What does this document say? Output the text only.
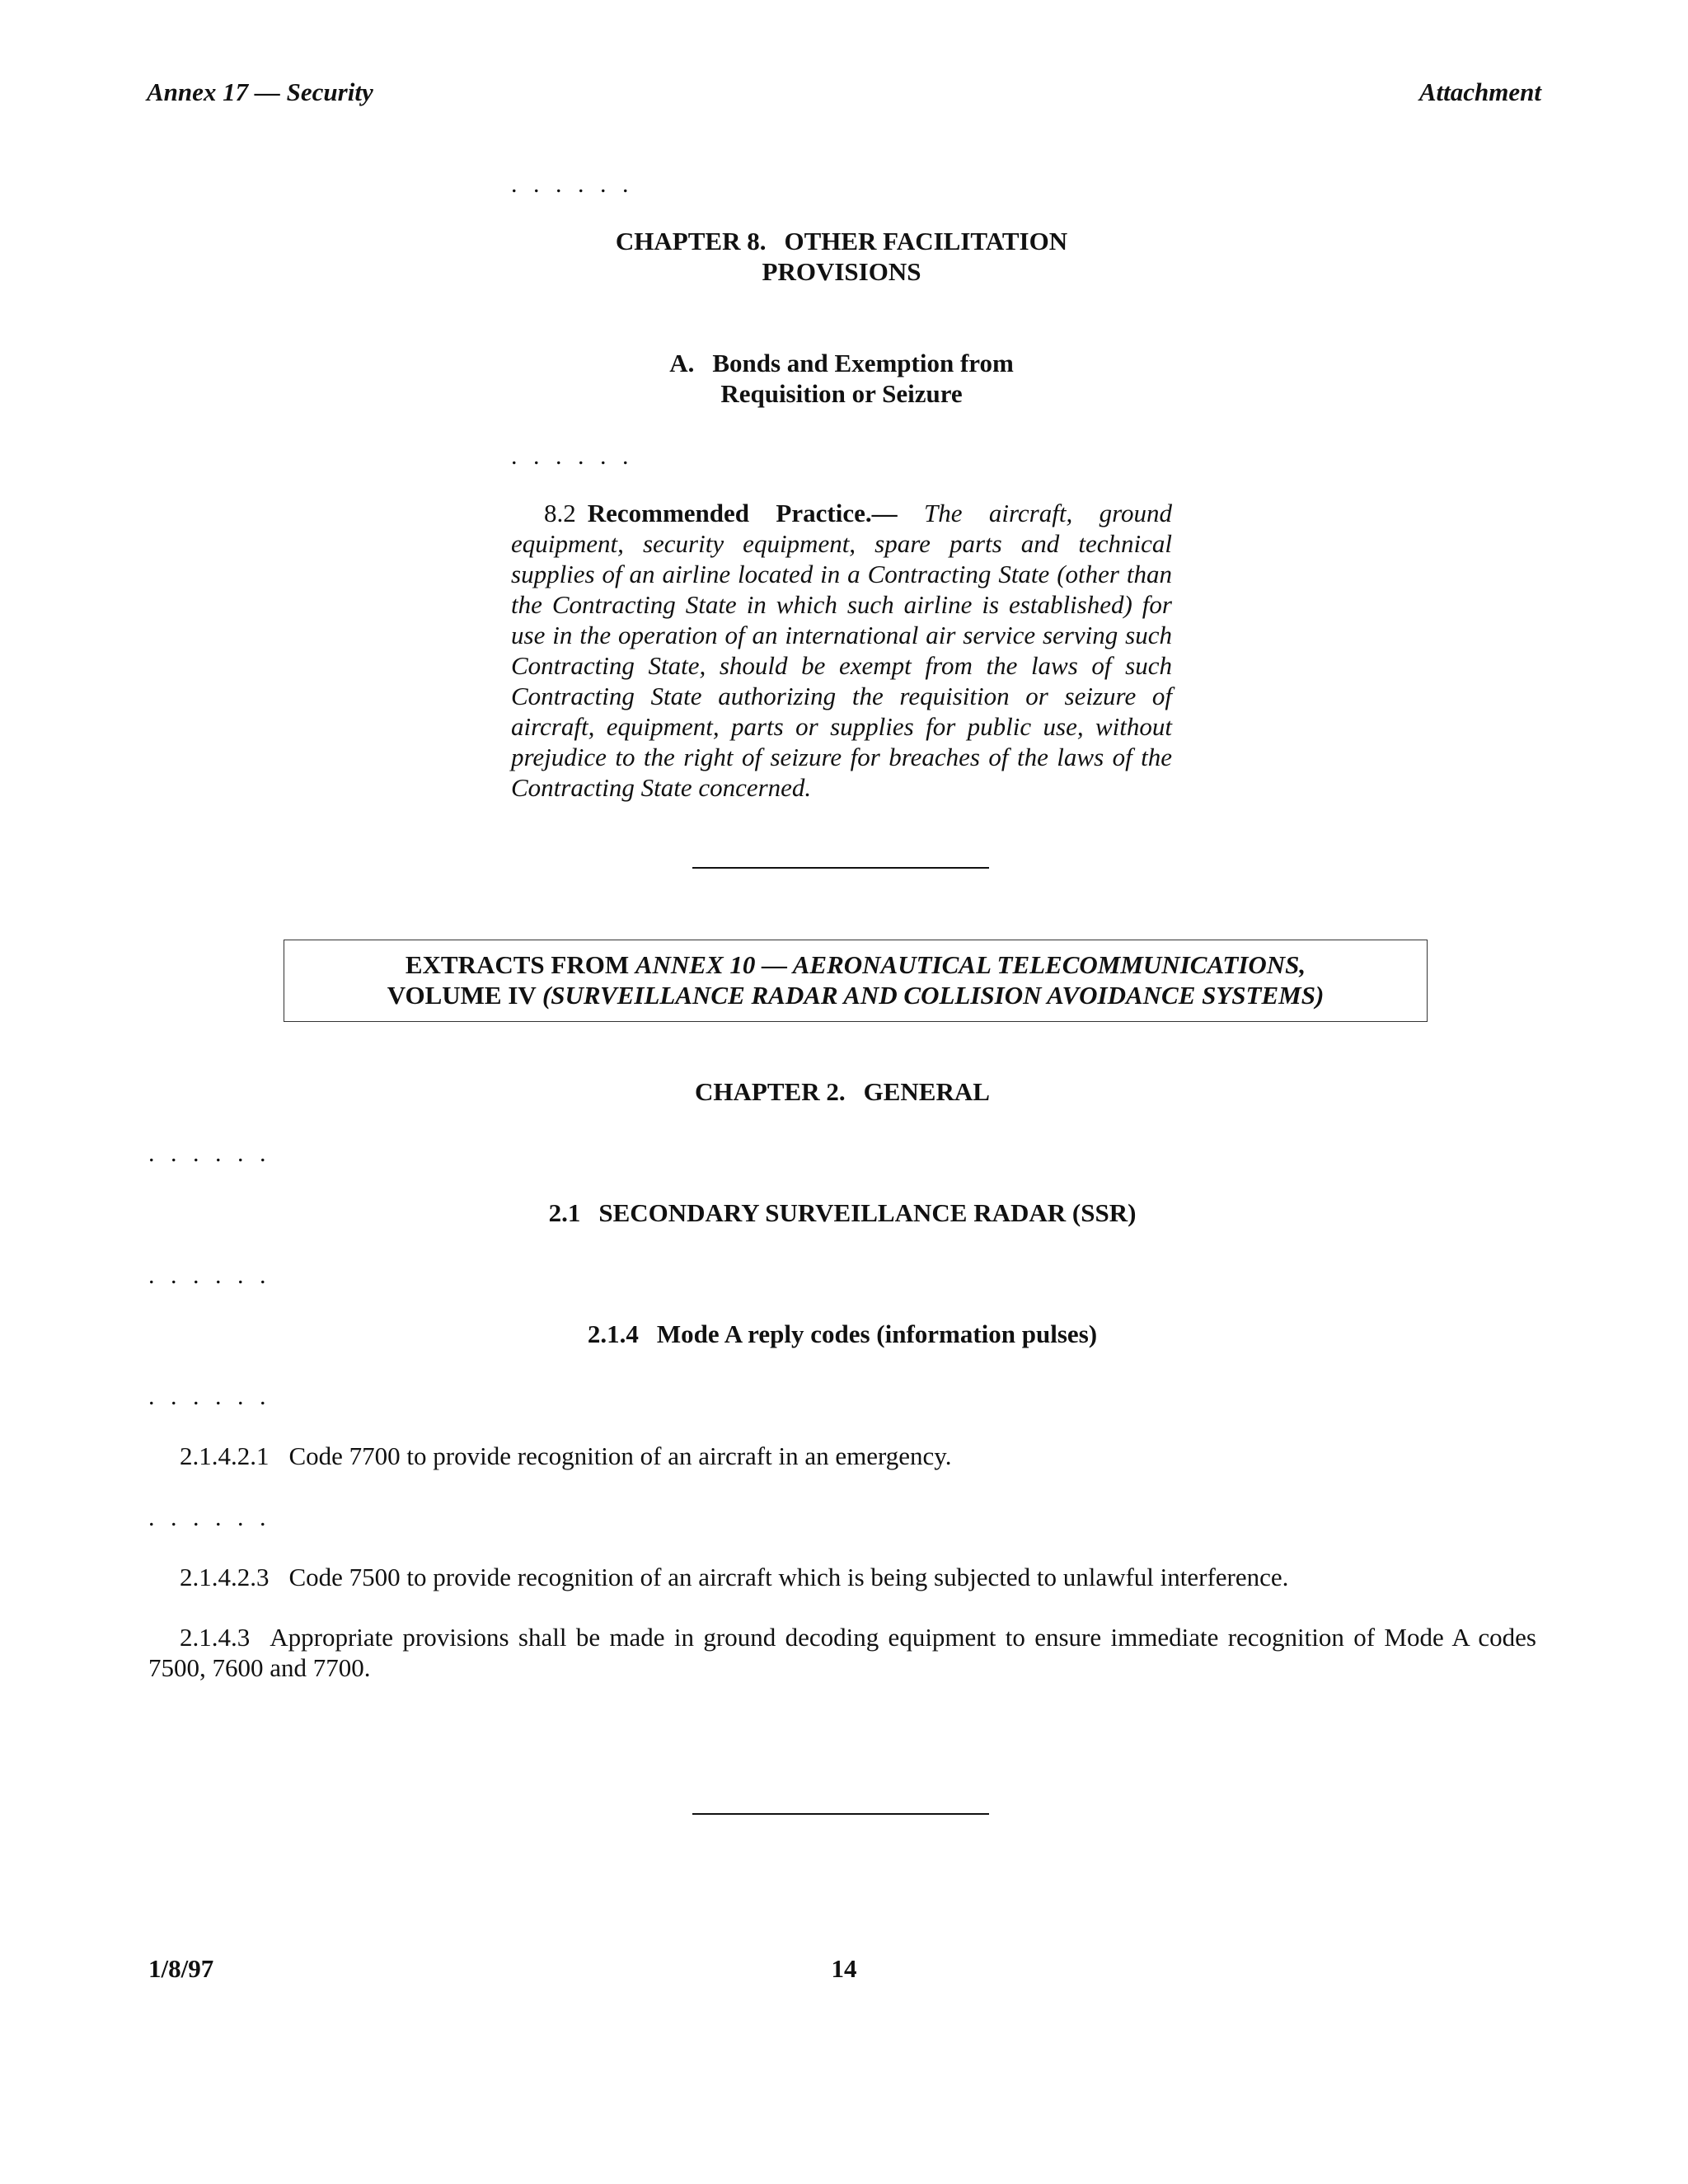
Annex 17 — Security	Attachment
. . . . . .
CHAPTER 8. OTHER FACILITATION
PROVISIONS
A. Bonds and Exemption from
Requisition or Seizure
. . . . . .
8.2 Recommended Practice.— The aircraft, ground equipment, security equipment, spare parts and technical supplies of an airline located in a Contracting State (other than the Contracting State in which such airline is established) for use in the operation of an international air service serving such Contracting State, should be exempt from the laws of such Contracting State authorizing the requisition or seizure of aircraft, equipment, parts or supplies for public use, without prejudice to the right of seizure for breaches of the laws of the Contracting State concerned.
EXTRACTS FROM ANNEX 10 — AERONAUTICAL TELECOMMUNICATIONS,
VOLUME IV (SURVEILLANCE RADAR AND COLLISION AVOIDANCE SYSTEMS)
CHAPTER 2. GENERAL
. . . . . .
2.1 SECONDARY SURVEILLANCE RADAR (SSR)
. . . . . .
2.1.4 Mode A reply codes (information pulses)
. . . . . .
2.1.4.2.1 Code 7700 to provide recognition of an aircraft in an emergency.
. . . . . .
2.1.4.2.3 Code 7500 to provide recognition of an aircraft which is being subjected to unlawful interference.
2.1.4.3 Appropriate provisions shall be made in ground decoding equipment to ensure immediate recognition of Mode A codes 7500, 7600 and 7700.
1/8/97	14
